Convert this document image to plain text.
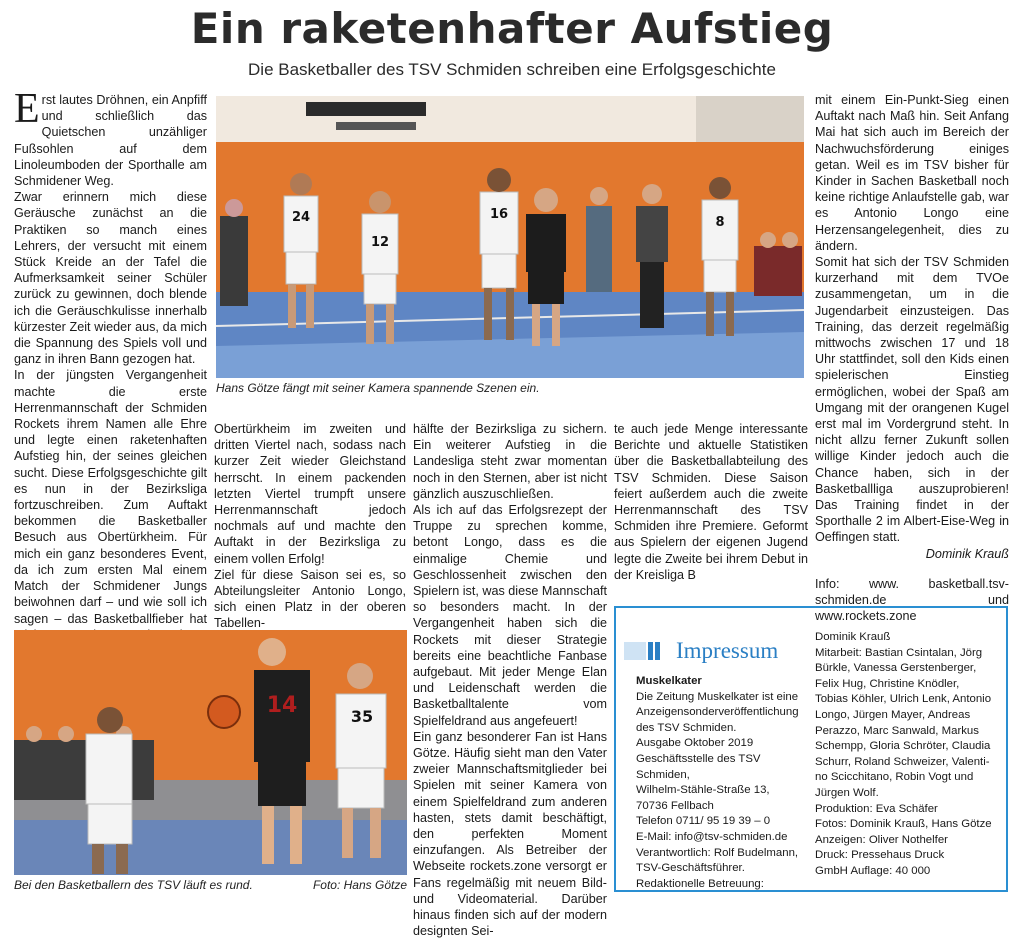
Ein raketenhafter Aufstieg
Die Basketballer des TSV Schmiden schreiben eine Erfolgsgeschichte

Erst lautes Dröhnen, ein Anpfiff und schließlich das Quietschen unzähliger Fußsohlen auf dem Linoleumboden der Sporthalle am Schmidener Weg.

Zwar erinnern mich diese Geräusche zunächst an die Praktiken so manch eines Lehrers, der versucht mit einem Stück Kreide an der Tafel die Aufmerksamkeit seiner Schüler zurück zu gewinnen, doch blende ich die Geräuschkulisse innerhalb kürzester Zeit wieder aus, da mich die Spannung des Spiels voll und ganz in ihren Bann gezogen hat.

In der jüngsten Vergangenheit machte die erste Herrenmannschaft der Schmiden Rockets ihrem Namen alle Ehre und legte einen raketenhaften Aufstieg hin, der seines gleichen sucht. Diese Erfolgsgeschichte gilt es nun in der Bezirksliga fortzuschreiben. Zum Auftakt bekommen die Basketballer Besuch aus Obertürkheim. Für mich ein ganz besonderes Event, da ich zum ersten Mal einem Match der Schmidener Jungs beiwohnen darf – und wie soll ich sagen – das Basketballfieber hat

24
12
16
8
Hans Götze fängt mit seiner Kamera spannende Szenen ein.

Obertürkheim im zweiten und dritten Viertel nach, sodass nach kurzer Zeit wieder Gleichstand herrscht. In einem packenden letzten Viertel trumpft unsere Herrenmannschaft jedoch nochmals auf und machte den Auftakt in der Bezirksliga zu einem vollen Erfolg!

Ziel für diese Saison sei es, so Abteilungsleiter Antonio Longo, sich einen Platz in der oberen Tabellen-

hälfte der Bezirksliga zu sichern. Ein weiterer Aufstieg in die Landesliga steht zwar momentan noch in den Sternen, aber ist nicht gänzlich auszuschließen.

Als ich auf das Erfolgsrezept der Truppe zu sprechen komme, betont Longo, dass es die einmalige Chemie und Geschlossenheit zwischen den Spielern ist, was diese Mannschaft so besonders macht. In der Vergangenheit haben sich die Rockets mit dieser Strategie bereits eine beachtliche Fanbase aufgebaut. Mit jeder Menge Elan und Leidenschaft werden die Basketballtalente vom Spielfeldrand aus angefeuert!

Ein ganz besonderer Fan ist Hans Götze. Häufig sieht man den Vater zweier Mannschaftsmitglieder bei Spielen mit seiner Kamera von einem Spielfeldrand zum anderen hasten, stets damit beschäftigt, den perfekten Moment einzufangen. Als Betreiber der Webseite rockets.zone versorgt er Fans regelmäßig mit neuem Bild- und Videomaterial. Darüber hinaus finden sich auf der modern designten Sei-

te auch jede Menge interessante Berichte und aktuelle Statistiken über die Basketballabteilung des TSV Schmiden. Diese Saison feiert außerdem auch die zweite Herrenmannschaft des TSV Schmiden ihre Premiere. Geformt aus Spielern der eigenen Jugend legte die Zweite bei ihrem Debut in der Kreisliga B

mit einem Ein-Punkt-Sieg einen Auftakt nach Maß hin. Seit Anfang Mai hat sich auch im Bereich der Nachwuchsförderung einiges getan. Weil es im TSV bisher für Kinder in Sachen Basketball noch keine richtige Anlaufstelle gab, war es Antonio Longo eine Herzensangelegenheit, dies zu ändern.

Somit hat sich der TSV Schmiden kurzerhand mit dem TVOe zusammengetan, um in die Jugendarbeit einzusteigen. Das Training, das derzeit regelmäßig mittwochs zwischen 17 und 18 Uhr stattfindet, soll den Kids einen spielerischen Einstieg ermöglichen, wobei der Spaß am Umgang mit der orangenen Kugel erst mal im Vordergrund steht. In nicht allzu ferner Zukunft sollen willige Kinder jedoch auch die Chance haben, sich in der Basketballliga auszuprobieren! Das Training findet in der Sporthalle 2 im Albert-Eise-Weg in Oeffingen statt.

Dominik Krauß

Info: www. basketball.tsv-schmiden.de und www.rockets.zone

14	35
Bei den Basketballern des TSV läuft es rund.	Foto: Hans Götze
Impressum

Muskelkater

Die Zeitung Muskelkater ist eine

Anzeigensonderveröffentlichung

des TSV Schmiden.

Ausgabe Oktober 2019

Geschäftsstelle des TSV Schmiden,

Wilhelm-Stähle-Straße 13,

70736 Fellbach

Telefon 0711/ 95 19 39 – 0

E-Mail: info@tsv-schmiden.de

Verantwortlich: Rolf Budelmann,

TSV-Geschäftsführer.

Redaktionelle Betreuung:

Dominik Krauß

Mitarbeit: Bastian Csintalan, Jörg

Bürkle, Vanessa Gerstenberger,

Felix Hug, Christine Knödler,

Tobias Köhler, Ulrich Lenk, Antonio

Longo, Jürgen Mayer, Andreas

Perazzo, Marc Sanwald, Markus

Schempp, Gloria Schröter, Claudia

Schurr, Roland Schweizer, Valenti-

no Scicchitano, Robin Vogt und

Jürgen Wolf.

Produktion: Eva Schäfer

Fotos: Dominik Krauß, Hans Götze

Anzeigen: Oliver Nothelfer

Druck: Pressehaus Druck

GmbH Auflage: 40 000
